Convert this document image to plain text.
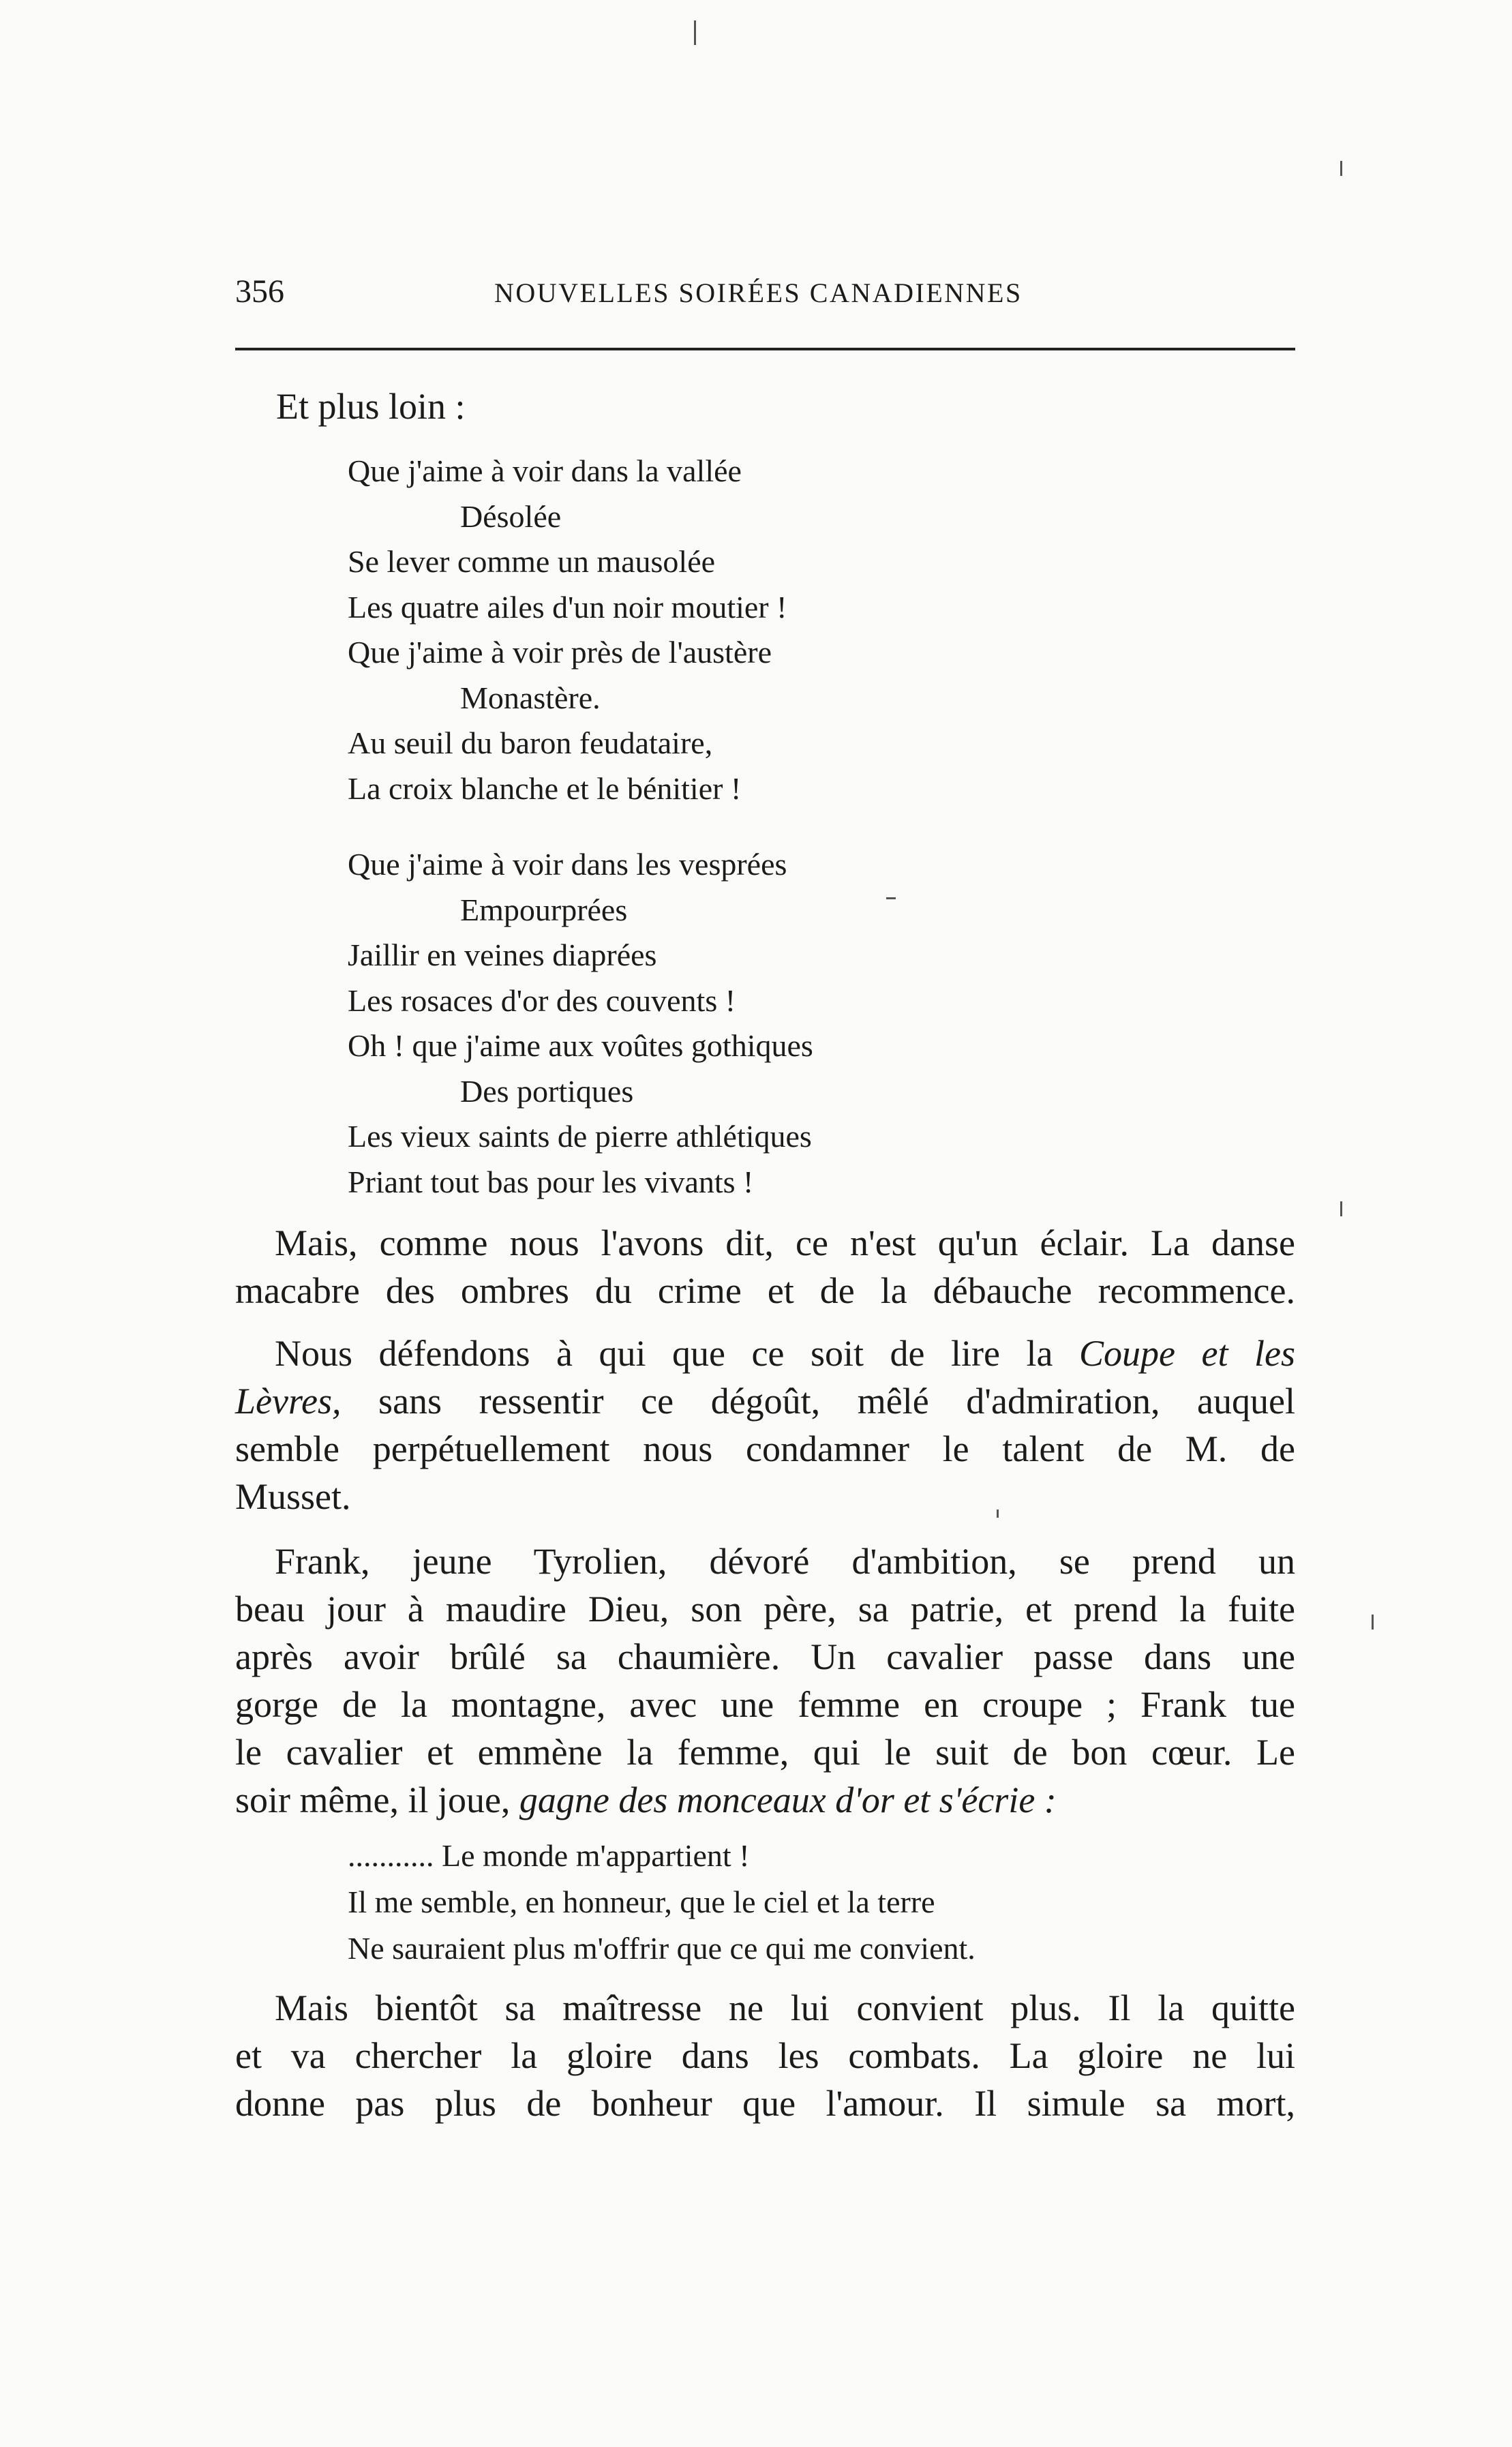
356	NOUVELLES SOIRÉES CANADIENNES
Et plus loin :
Que j'aime à voir dans la vallée
Désolée
Se lever comme un mausolée
Les quatre ailes d'un noir moutier !
Que j'aime à voir près de l'austère
Monastère.
Au seuil du baron feudataire,
La croix blanche et le bénitier !
Que j'aime à voir dans les vesprées
Empourprées
Jaillir en veines diaprées
Les rosaces d'or des couvents !
Oh ! que j'aime aux voûtes gothiques
Des portiques
Les vieux saints de pierre athlétiques
Priant tout bas pour les vivants !
Mais, comme nous l'avons dit, ce n'est qu'un éclair. La danse
macabre des ombres du crime et de la débauche recommence.
Nous défendons à qui que ce soit de lire la Coupe et les
Lèvres, sans ressentir ce dégoût, mêlé d'admiration, auquel
semble perpétuellement nous condamner le talent de M. de
Musset.
Frank, jeune Tyrolien, dévoré d'ambition, se prend un
beau jour à maudire Dieu, son père, sa patrie, et prend la fuite
après avoir brûlé sa chaumière. Un cavalier passe dans une
gorge de la montagne, avec une femme en croupe ; Frank tue
le cavalier et emmène la femme, qui le suit de bon cœur. Le
soir même, il joue, gagne des monceaux d'or et s'écrie :
........... Le monde m'appartient !
Il me semble, en honneur, que le ciel et la terre
Ne sauraient plus m'offrir que ce qui me convient.
Mais bientôt sa maîtresse ne lui convient plus. Il la quitte
et va chercher la gloire dans les combats. La gloire ne lui
donne pas plus de bonheur que l'amour. Il simule sa mort,
